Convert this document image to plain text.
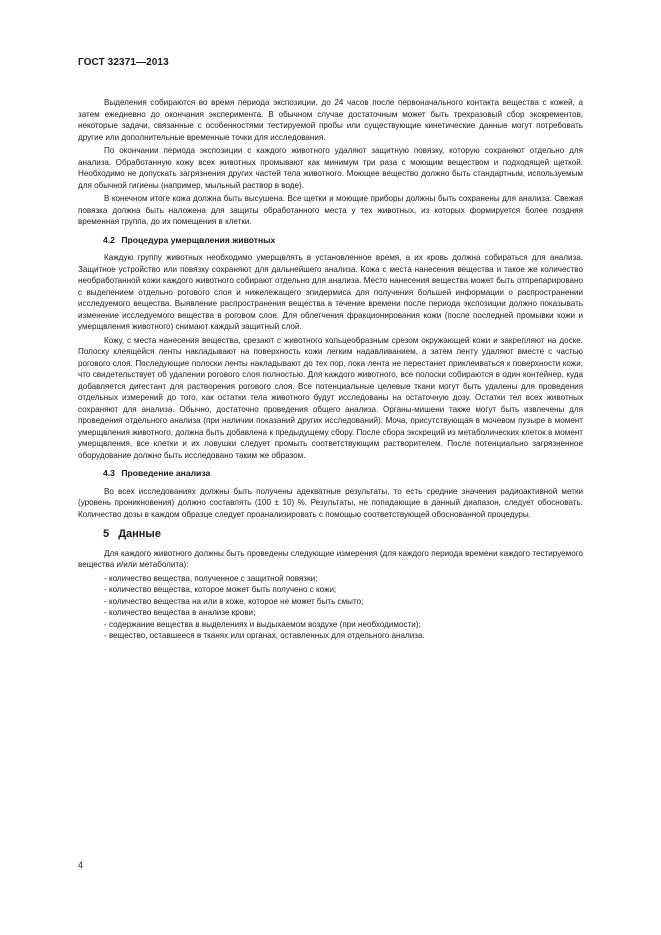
ГОСТ 32371—2013

Выделения собираются во время периода экспозиции, до 24 часов после первоначального контакта вещества с кожей, а затем ежедневно до окончания эксперимента. В обычном случае достаточным может быть трехразовый сбор экскрементов, некоторые задачи, связанные с особенностями тестируемой пробы или существующие кинетические данные могут потребовать другие или дополнительные временные точки для исследования.

По окончании периода экспозиции с каждого животного удаляют защитную повязку, которую сохраняют отдельно для анализа. Обработанную кожу всех животных промывают как минимум три раза с моющим веществом и подходящей щеткой. Необходимо не допускать загрязнения других частей тела животного. Моющее вещество должно быть стандартным, используемым для обычной гигиены (например, мыльный раствор в воде).

В конечном итоге кожа должна быть высушена. Все щетки и моющие приборы должны быть сохранены для анализа. Свежая повязка должна быть наложена для защиты обработанного места у тех животных, из которых формируется более поздняя временная группа, до их помещения в клетки.

4.2 Процедура умерщвления животных

Каждую группу животных необходимо умерщвлять в установленное время, а их кровь должна собираться для анализа. Защитное устройство или повязку сохраняют для дальнейшего анализа. Кожа с места нанесения вещества и такое же количество необработанной кожи каждого животного собирают отдельно для анализа. Место нанесения вещества может быть отпрепарировано с выделением отдельно рогового слоя и нижележащего эпидермиса для получения большей информации о распространении исследуемого вещества. Выявление распространения вещества в течение времени после периода экспозиции должно показывать изменение исследуемого вещества в роговом слое. Для облегчения фракционирования кожи (после последней промывки кожи и умерщвления животного) снимают каждый защитный слой.

Кожу, с места нанесения вещества, срезают с животного кольцеобразным срезом окружающей кожи и закрепляют на доске. Полоску клеящейся ленты накладывают на поверхность кожи легким надавливанием, а затем ленту удаляют вместе с частью рогового слоя. Последующие полоски ленты накладывают до тех пор, пока лента не перестанет приклеиваться к поверхности кожи, что свидетельствует об удалении рогового слоя полностью. Для каждого животного, все полоски собираются в один контейнер, куда добавляется дигестант для растворения рогового слоя. Все потенциальные целевые ткани могут быть удалены для проведения отдельных измерений до того, как остатки тела животного будут исследованы на остаточную дозу. Остатки тел всех животных сохраняют для анализа. Обычно, достаточно проведения общего анализа. Органы-мишени также могут быть извлечены для проведения отдельного анализа (при наличии показаний других исследований). Моча, присутствующая в мочевом пузыре в момент умерщвления животного, должна быть добавлена к предыдущему сбору. После сбора экскреций из метаболических клеток в момент умерщвления, все клетки и их ловушки следует промыть соответствующим растворителем. После потенциально загрязненное оборудование должно быть исследовано таким же образом.

4.3 Проведение анализа

Во всех исследованиях должны быть получены адекватные результаты, то есть средние значения радиоактивной метки (уровень проникновения) должно составлять (100 ± 10) %. Результаты, не попадающие в данный диапазон, следует обосновать. Количество дозы в каждом образце следует проанализировать с помощью соответствующей обоснованной процедуры.

5 Данные

Для каждого животного должны быть проведены следующие измерения (для каждого периода времени каждого тестируемого вещества и/или метаболита):

- количество вещества, полученное с защитной повязки;
- количество вещества, которое может быть получено с кожи;
- количество вещества на или в коже, которое не может быть смыто;
- количество вещества в анализе крови;
- содержание вещества в выделениях и выдыхаемом воздухе (при необходимости);
- вещество, оставшееся в тканях или органах, оставленных для отдельного анализа.
4
